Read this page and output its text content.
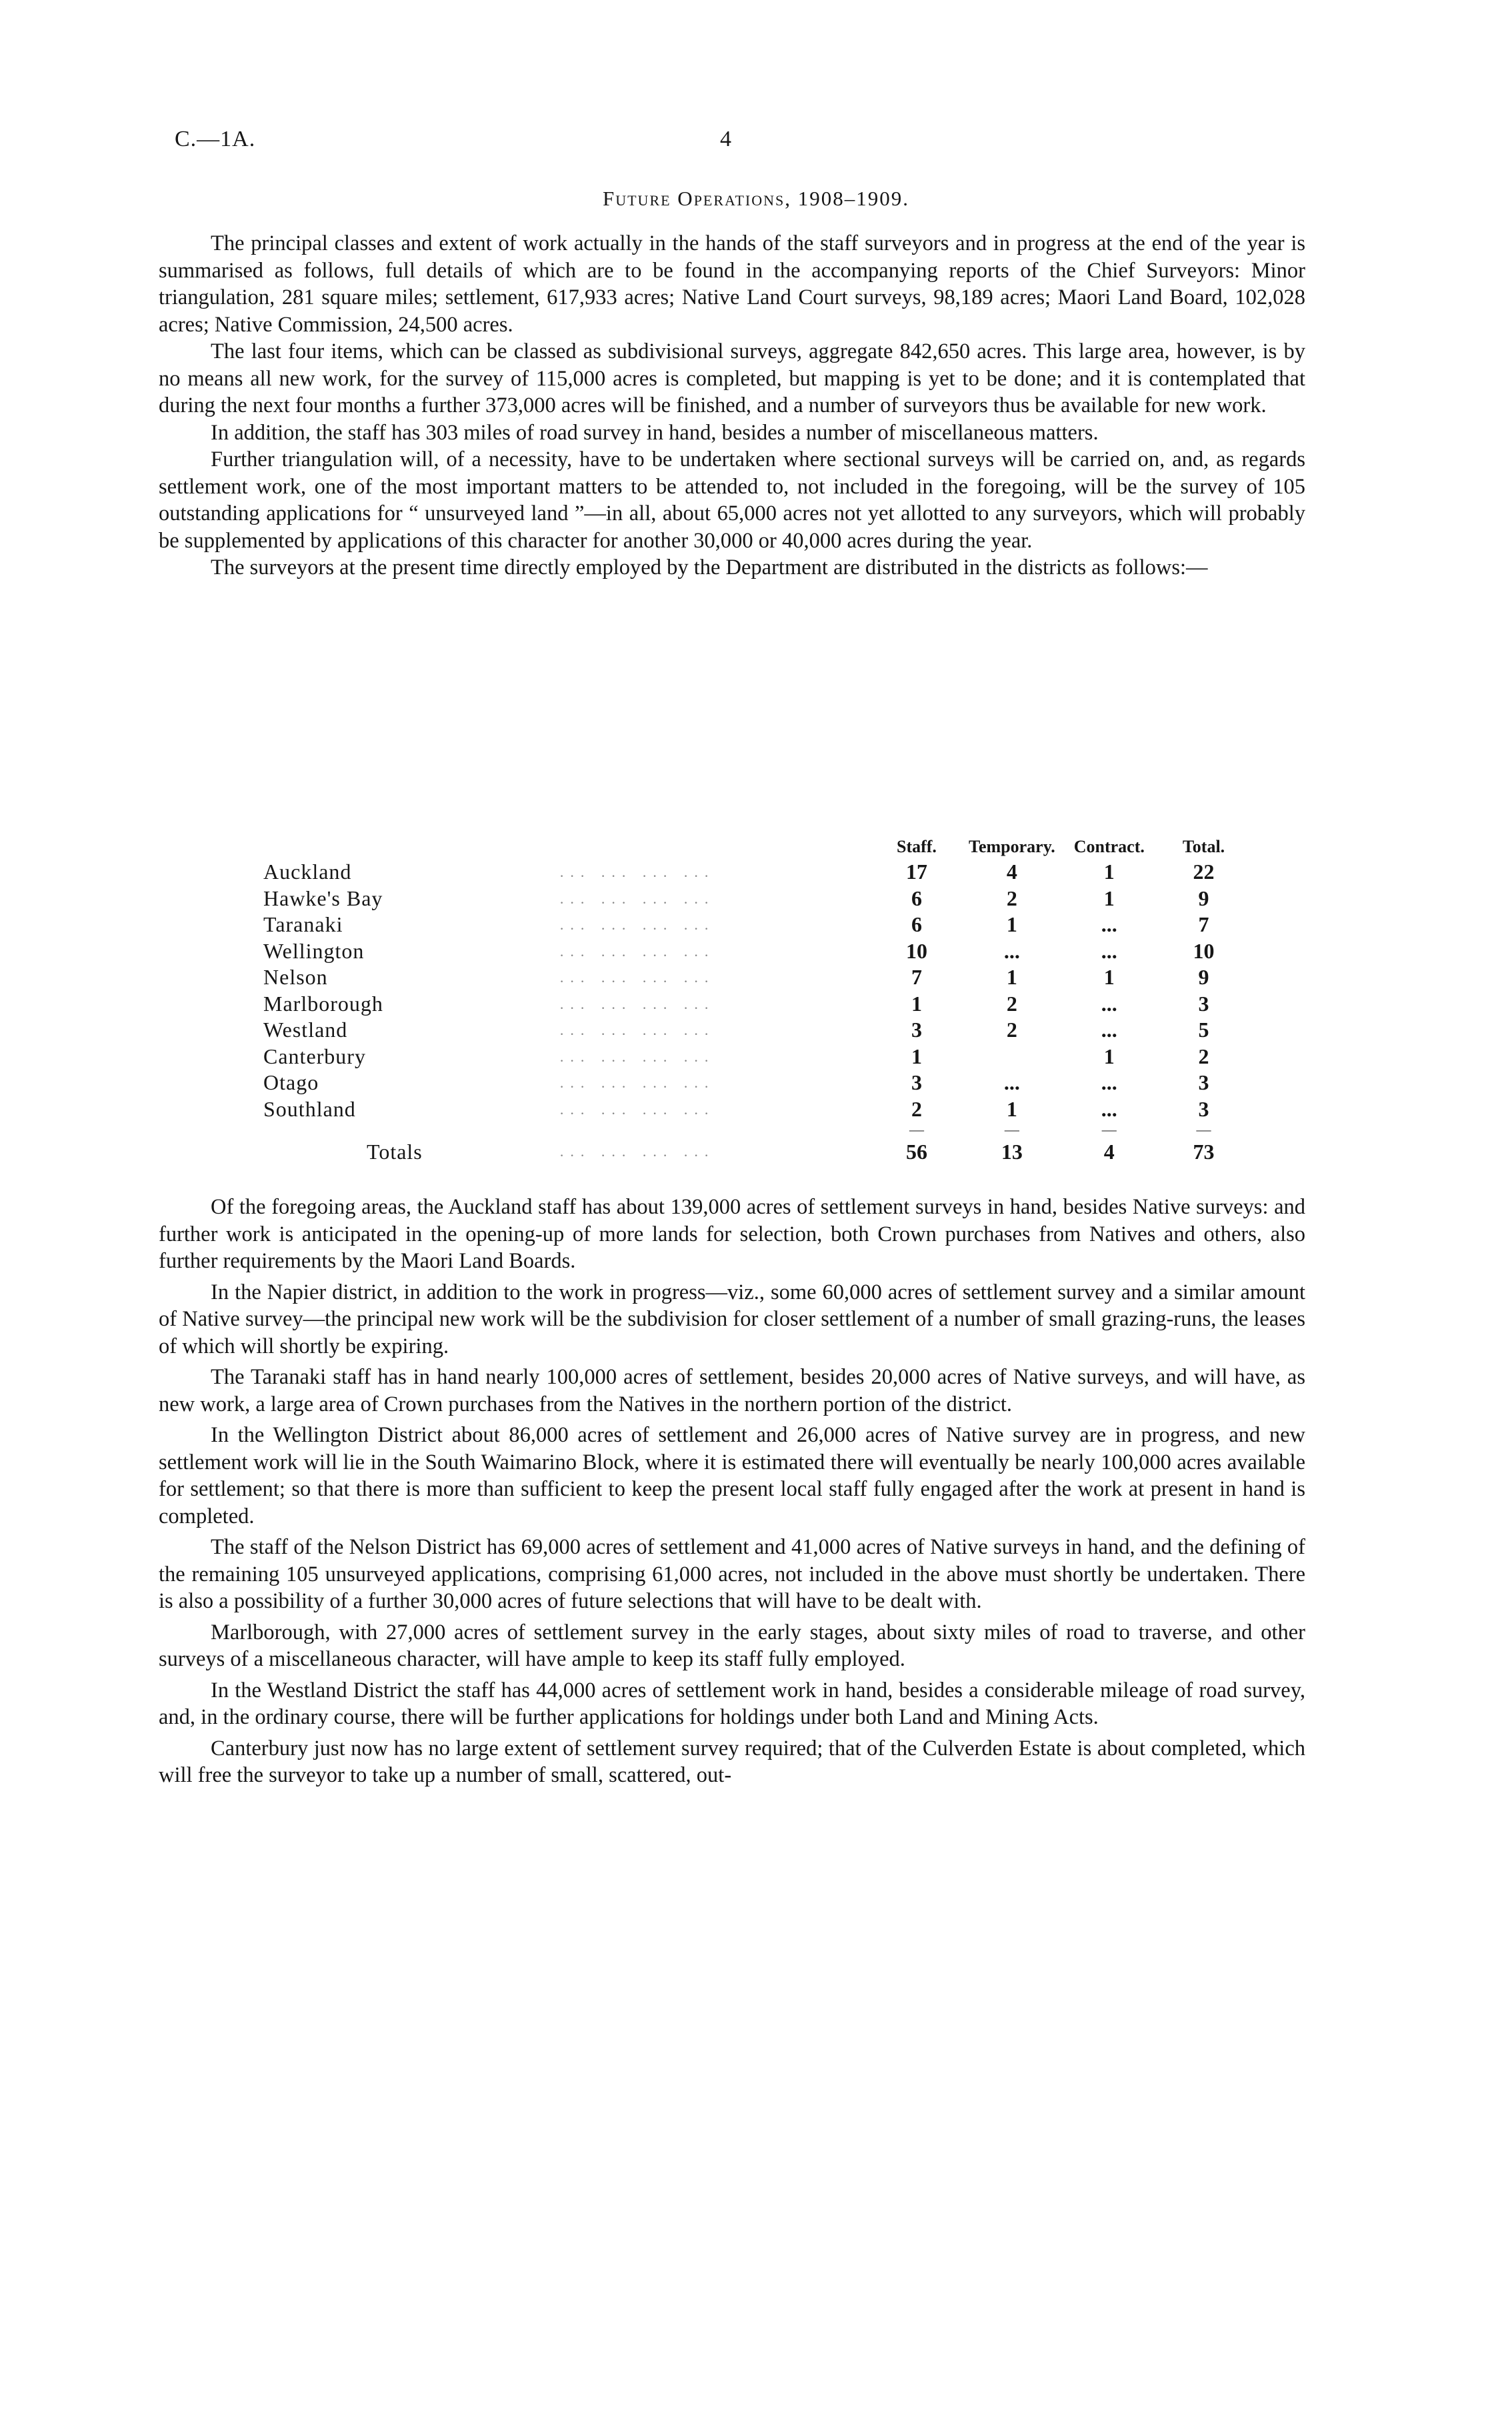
C.—1A.	4
Future Operations, 1908–1909.

The principal classes and extent of work actually in the hands of the staff surveyors and in progress at the end of the year is summarised as follows, full details of which are to be found in the accompanying reports of the Chief Surveyors: Minor triangulation, 281 square miles; settlement, 617,933 acres; Native Land Court surveys, 98,189 acres; Maori Land Board, 102,028 acres; Native Commission, 24,500 acres.

The last four items, which can be classed as subdivisional surveys, aggregate 842,650 acres. This large area, however, is by no means all new work, for the survey of 115,000 acres is completed, but mapping is yet to be done; and it is contemplated that during the next four months a further 373,000 acres will be finished, and a number of surveyors thus be available for new work.

In addition, the staff has 303 miles of road survey in hand, besides a number of miscellaneous matters.

Further triangulation will, of a necessity, have to be undertaken where sectional surveys will be carried on, and, as regards settlement work, one of the most important matters to be attended to, not included in the foregoing, will be the survey of 105 outstanding applications for “ unsurveyed land ”—in all, about 65,000 acres not yet allotted to any surveyors, which will probably be supplemented by applications of this character for another 30,000 or 40,000 acres during the year.

The surveyors at the present time directly employed by the Department are distributed in the districts as follows:—

		Staff.	Temporary.	Contract.	Total.
Auckland	... ... ... ...	17	4	1	22
Hawke's Bay	... ... ... ...	6	2	1	9
Taranaki	... ... ... ...	6	1	...	7
Wellington	... ... ... ...	10	...	...	10
Nelson	... ... ... ...	7	1	1	9
Marlborough	... ... ... ...	1	2	...	3
Westland	... ... ... ...	3	2	...	5
Canterbury	... ... ... ...	1		1	2
Otago	... ... ... ...	3	...	...	3
Southland	... ... ... ...	2	1	...	3
		—	—	—	—
Totals	... ... ... ...	56	13	4	73

Of the foregoing areas, the Auckland staff has about 139,000 acres of settlement surveys in hand, besides Native surveys: and further work is anticipated in the opening-up of more lands for selection, both Crown purchases from Natives and others, also further requirements by the Maori Land Boards.

In the Napier district, in addition to the work in progress—viz., some 60,000 acres of settlement survey and a similar amount of Native survey—the principal new work will be the subdivision for closer settlement of a number of small grazing-runs, the leases of which will shortly be expiring.

The Taranaki staff has in hand nearly 100,000 acres of settlement, besides 20,000 acres of Native surveys, and will have, as new work, a large area of Crown purchases from the Natives in the northern portion of the district.

In the Wellington District about 86,000 acres of settlement and 26,000 acres of Native survey are in progress, and new settlement work will lie in the South Waimarino Block, where it is estimated there will eventually be nearly 100,000 acres available for settlement; so that there is more than sufficient to keep the present local staff fully engaged after the work at present in hand is completed.

The staff of the Nelson District has 69,000 acres of settlement and 41,000 acres of Native surveys in hand, and the defining of the remaining 105 unsurveyed applications, comprising 61,000 acres, not included in the above must shortly be undertaken. There is also a possibility of a further 30,000 acres of future selections that will have to be dealt with.

Marlborough, with 27,000 acres of settlement survey in the early stages, about sixty miles of road to traverse, and other surveys of a miscellaneous character, will have ample to keep its staff fully employed.

In the Westland District the staff has 44,000 acres of settlement work in hand, besides a considerable mileage of road survey, and, in the ordinary course, there will be further applications for holdings under both Land and Mining Acts.

Canterbury just now has no large extent of settlement survey required; that of the Culverden Estate is about completed, which will free the surveyor to take up a number of small, scattered, out-
